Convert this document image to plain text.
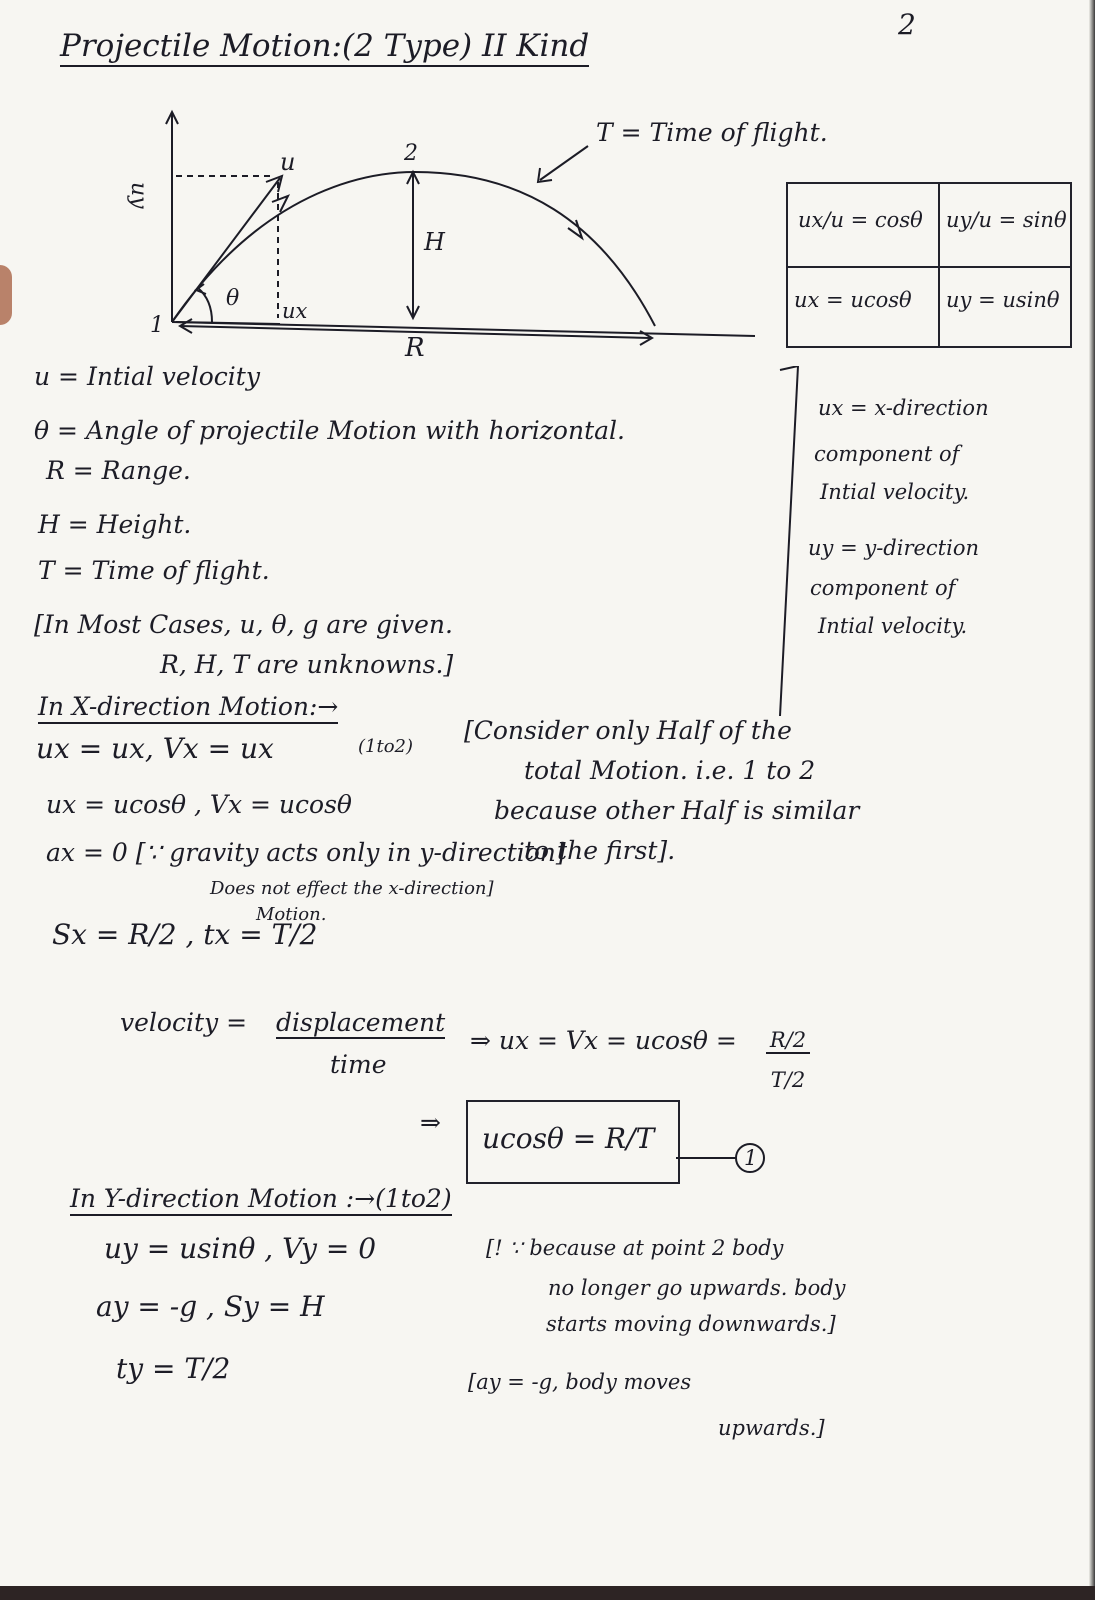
2
Projectile Motion:(2 Type) II Kind
u
uy
θ ux
H
R
1
2
T = Time of flight.
ux/u = cosθ uy/u = sinθ
ux = ucosθ uy = usinθ
u = Intial velocity
θ = Angle of projectile Motion with horizontal.
R = Range.
H = Height.
T = Time of flight.
ux = x-direction
component of
Intial velocity.
uy = y-direction
component of
Intial velocity.
[In Most Cases, u, θ, g are given.
R, H, T are unknowns.]
In X-direction Motion:→
(1to2)
[Consider only Half of the
total Motion. i.e. 1 to 2
because other Half is similar
to the first].
ux = ux, Vx = ux
ux = ucosθ , Vx = ucosθ
ax = 0 [∵ gravity acts only in y-direction]
Does not effect the x-direction]
Motion.
Sx = R/2 , tx = T/2
velocity = displacement
time
⇒ ux = Vx = ucosθ = R/2
T/2
⇒ ucosθ = R/T
1
In Y-direction Motion :→(1to2)
uy = usinθ , Vy = 0	[! ∵ because at point 2 body
no longer go upwards. body
starts moving downwards.]
ay = -g , Sy = H
ty = T/2	[ay = -g, body moves
upwards.]
